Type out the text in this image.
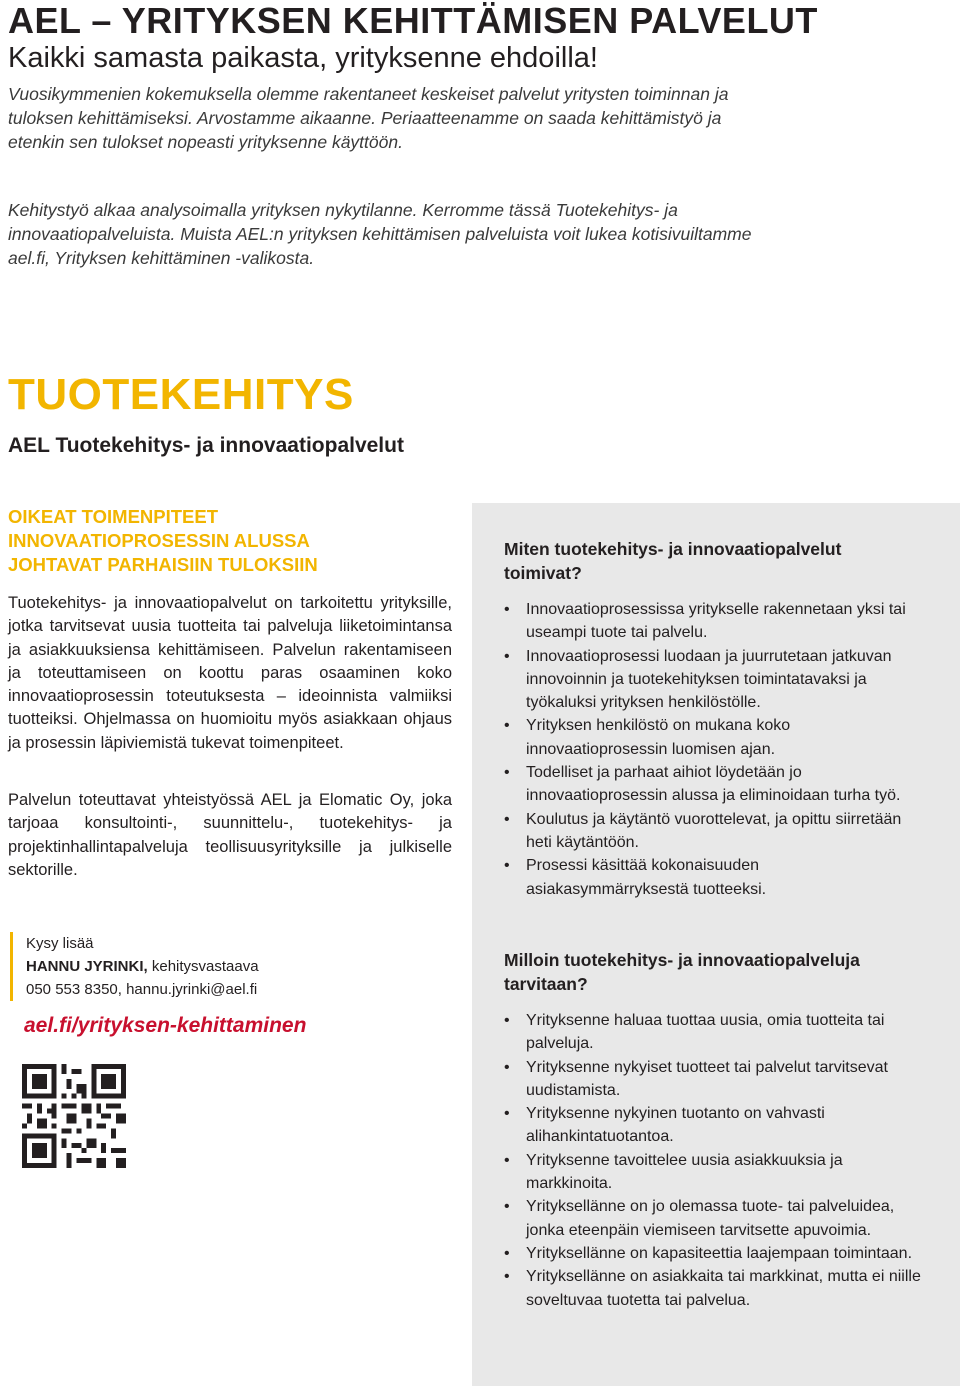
AEL – YRITYKSEN KEHITTÄMISEN PALVELUT

Kaikki samasta paikasta, yrityksenne ehdoilla!

Vuosikymmenien kokemuksella olemme rakentaneet keskeiset palvelut yritysten toiminnan ja tuloksen kehittämiseksi. Arvostamme aikaanne. Periaatteenamme on saada kehittämistyö ja etenkin sen tulokset nopeasti yrityksenne käyttöön.

Kehitystyö alkaa analysoimalla yrityksen nykytilanne. Kerromme tässä Tuotekehitys- ja innovaatiopalveluista. Muista AEL:n yrityksen kehittämisen palveluista voit lukea kotisivuiltamme ael.fi, Yrityksen kehittäminen -valikosta.

TUOTEKEHITYS
AEL Tuotekehitys- ja innovaatiopalvelut
OIKEAT TOIMENPITEET
INNOVAATIOPROSESSIN ALUSSA
JOHTAVAT PARHAISIIN TULOKSIIN

Tuotekehitys- ja innovaatiopalvelut on tarkoitettu yrityksille, jotka tarvitsevat uusia tuotteita tai palveluja liiketoimintansa ja asiakkuuksiensa kehittämiseen. Palvelun rakentamiseen ja toteuttamiseen on koottu paras osaaminen koko innovaatioprosessin toteutuksesta – ideoinnista valmiiksi tuotteiksi. Ohjelmassa on huomioitu myös asiakkaan ohjaus ja prosessin läpiviemistä tukevat toimenpiteet.

Palvelun toteuttavat yhteistyössä AEL ja Elomatic Oy, joka tarjoaa konsultointi-, suunnittelu-, tuotekehitys- ja projektinhallintapalveluja teollisuusyrityksille ja julkiselle sektorille.

Kysy lisää
HANNU JYRINKI, kehitysvastaava
050 553 8350, hannu.jyrinki@ael.fi

ael.fi/yrityksen-kehittaminen

Miten tuotekehitys- ja innovaatiopalvelut toimivat?

• Innovaatioprosessissa yritykselle rakennetaan yksi tai useampi tuote tai palvelu.
• Innovaatioprosessi luodaan ja juurrutetaan jatkuvan innovoinnin ja tuotekehityksen toimintatavaksi ja työkaluksi yrityksen henkilöstölle.
• Yrityksen henkilöstö on mukana koko innovaatioprosessin luomisen ajan.
• Todelliset ja parhaat aihiot löydetään jo innovaatioprosessin alussa ja eliminoidaan turha työ.
• Koulutus ja käytäntö vuorottelevat, ja opittu siirretään heti käytäntöön.
• Prosessi käsittää kokonaisuuden asiakasymmärryksestä tuotteeksi.

Milloin tuotekehitys- ja innovaatiopalveluja tarvitaan?

• Yrityksenne haluaa tuottaa uusia, omia tuotteita tai palveluja.
• Yrityksenne nykyiset tuotteet tai palvelut tarvitsevat uudistamista.
• Yrityksenne nykyinen tuotanto on vahvasti alihankintatuotantoa.
• Yrityksenne tavoittelee uusia asiakkuuksia ja markkinoita.
• Yrityksellänne on jo olemassa tuote- tai palveluidea, jonka eteenpäin viemiseen tarvitsette apuvoimia.
• Yrityksellänne on kapasiteettia laajempaan toimintaan.
• Yrityksellänne on asiakkaita tai markkinat, mutta ei niille soveltuvaa tuotetta tai palvelua.
